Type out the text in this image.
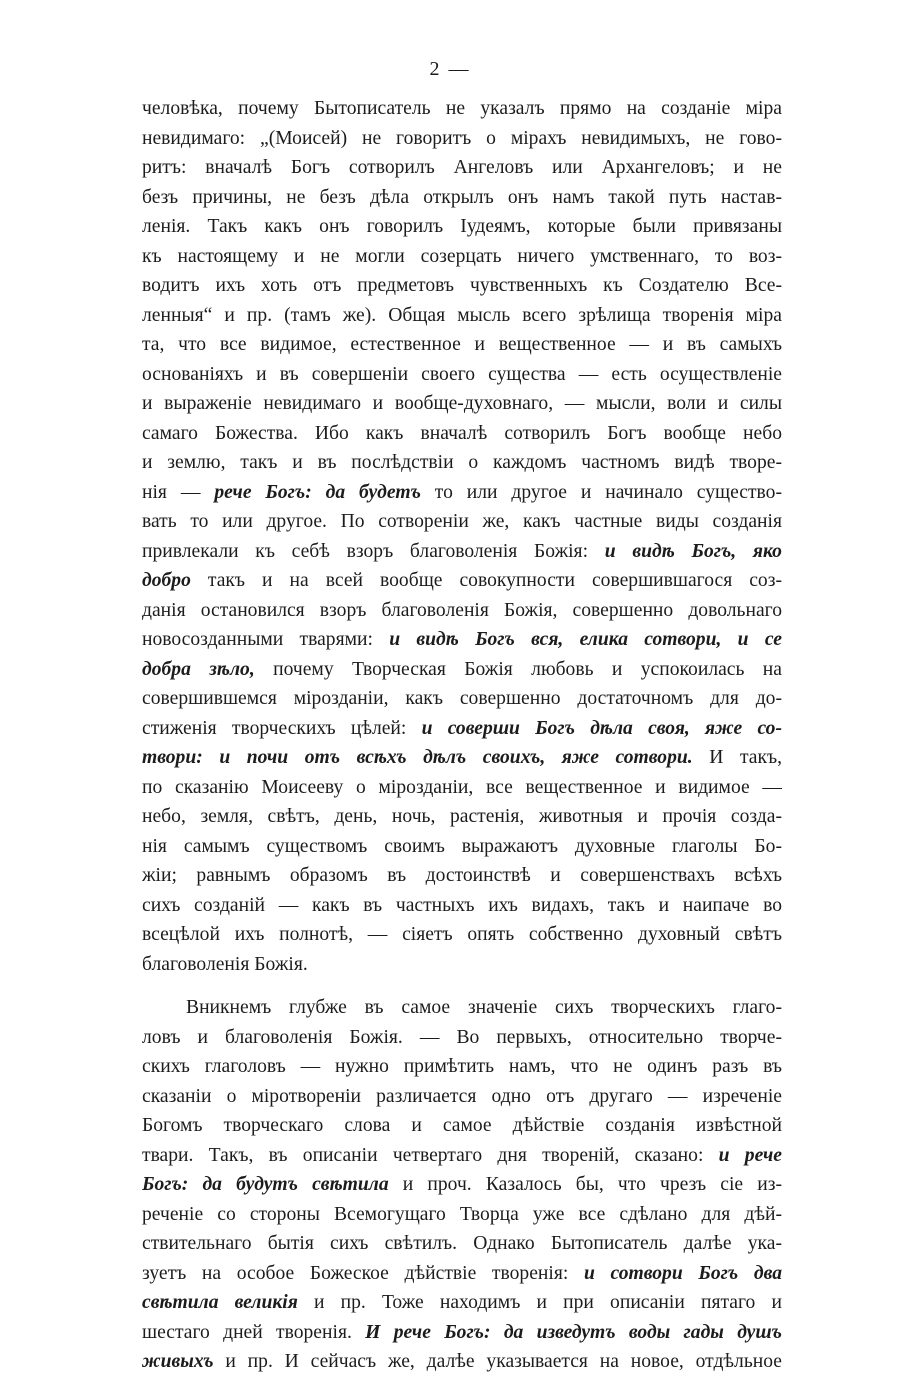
2 —
человѣка, почему Бытописатель не указалъ прямо на созданіе міра
невидимаго: „(Моисей) не говоритъ о мірахъ невидимыхъ, не гово-
ритъ: вначалѣ Богъ сотворилъ Ангеловъ или Архангеловъ; и не
безъ причины, не безъ дѣла открылъ онъ намъ такой путь настав-
ленія. Такъ какъ онъ говорилъ Іудеямъ, которые были привязаны
къ настоящему и не могли созерцать ничего умственнаго, то воз-
водитъ ихъ хоть отъ предметовъ чувственныхъ къ Создателю Все-
ленныя“ и пр. (тамъ же). Общая мысль всего зрѣлища творенія міра
та, что все видимое, естественное и вещественное — и въ самыхъ
основаніяхъ и въ совершеніи своего существа — есть осуществленіе
и выраженіе невидимаго и вообще-духовнаго, — мысли, воли и силы
самаго Божества. Ибо какъ вначалѣ сотворилъ Богъ вообще небо
и землю, такъ и въ послѣдствіи о каждомъ частномъ видѣ творе-
нія — рече Богъ: да будетъ то или другое и начинало существо-
вать то или другое. По сотвореніи же, какъ частные виды созданія
привлекали къ себѣ взоръ благоволенія Божія: и видѣ Богъ, яко
добро такъ и на всей вообще совокупности совершившагося соз-
данія остановился взоръ благоволенія Божія, совершенно довольнаго
новосозданными тварями: и видѣ Богъ вся, елика сотвори, и се
добра зѣло, почему Творческая Божія любовь и успокоилась на
совершившемся мірозданіи, какъ совершенно достаточномъ для до-
стиженія творческихъ цѣлей: и соверши Богъ дѣла своя, яже со-
твори: и почи отъ всѣхъ дѣлъ своихъ, яже сотвори. И такъ,
по сказанію Моисееву о мірозданіи, все вещественное и видимое —
небо, земля, свѣтъ, день, ночь, растенія, животныя и прочія созда-
нія самымъ существомъ своимъ выражаютъ духовные глаголы Бо-
жіи; равнымъ образомъ въ достоинствѣ и совершенствахъ всѣхъ
сихъ созданій — какъ въ частныхъ ихъ видахъ, такъ и наипаче во
всецѣлой ихъ полнотѣ, — сіяетъ опять собственно духовный свѣтъ
благоволенія Божія.
Вникнемъ глубже въ самое значеніе сихъ творческихъ глаго-
ловъ и благоволенія Божія. — Во первыхъ, относительно творче-
скихъ глаголовъ — нужно примѣтить намъ, что не одинъ разъ въ
сказаніи о міротвореніи различается одно отъ другаго — изреченіе
Богомъ творческаго слова и самое дѣйствіе созданія извѣстной
твари. Такъ, въ описаніи четвертаго дня твореній, сказано: и рече
Богъ: да будутъ свѣтила и проч. Казалось бы, что чрезъ сіе из-
реченіе со стороны Всемогущаго Творца уже все сдѣлано для дѣй-
ствительнаго бытія сихъ свѣтилъ. Однако Бытописатель далѣе ука-
зуетъ на особое Божеское дѣйствіе творенія: и сотвори Богъ два
свѣтила великія и пр. Тоже находимъ и при описаніи пятаго и
шестаго дней творенія. И рече Богъ: да изведутъ воды гады душъ
живыхъ и пр. И сейчасъ же, далѣе указывается на новое, отдѣльное
